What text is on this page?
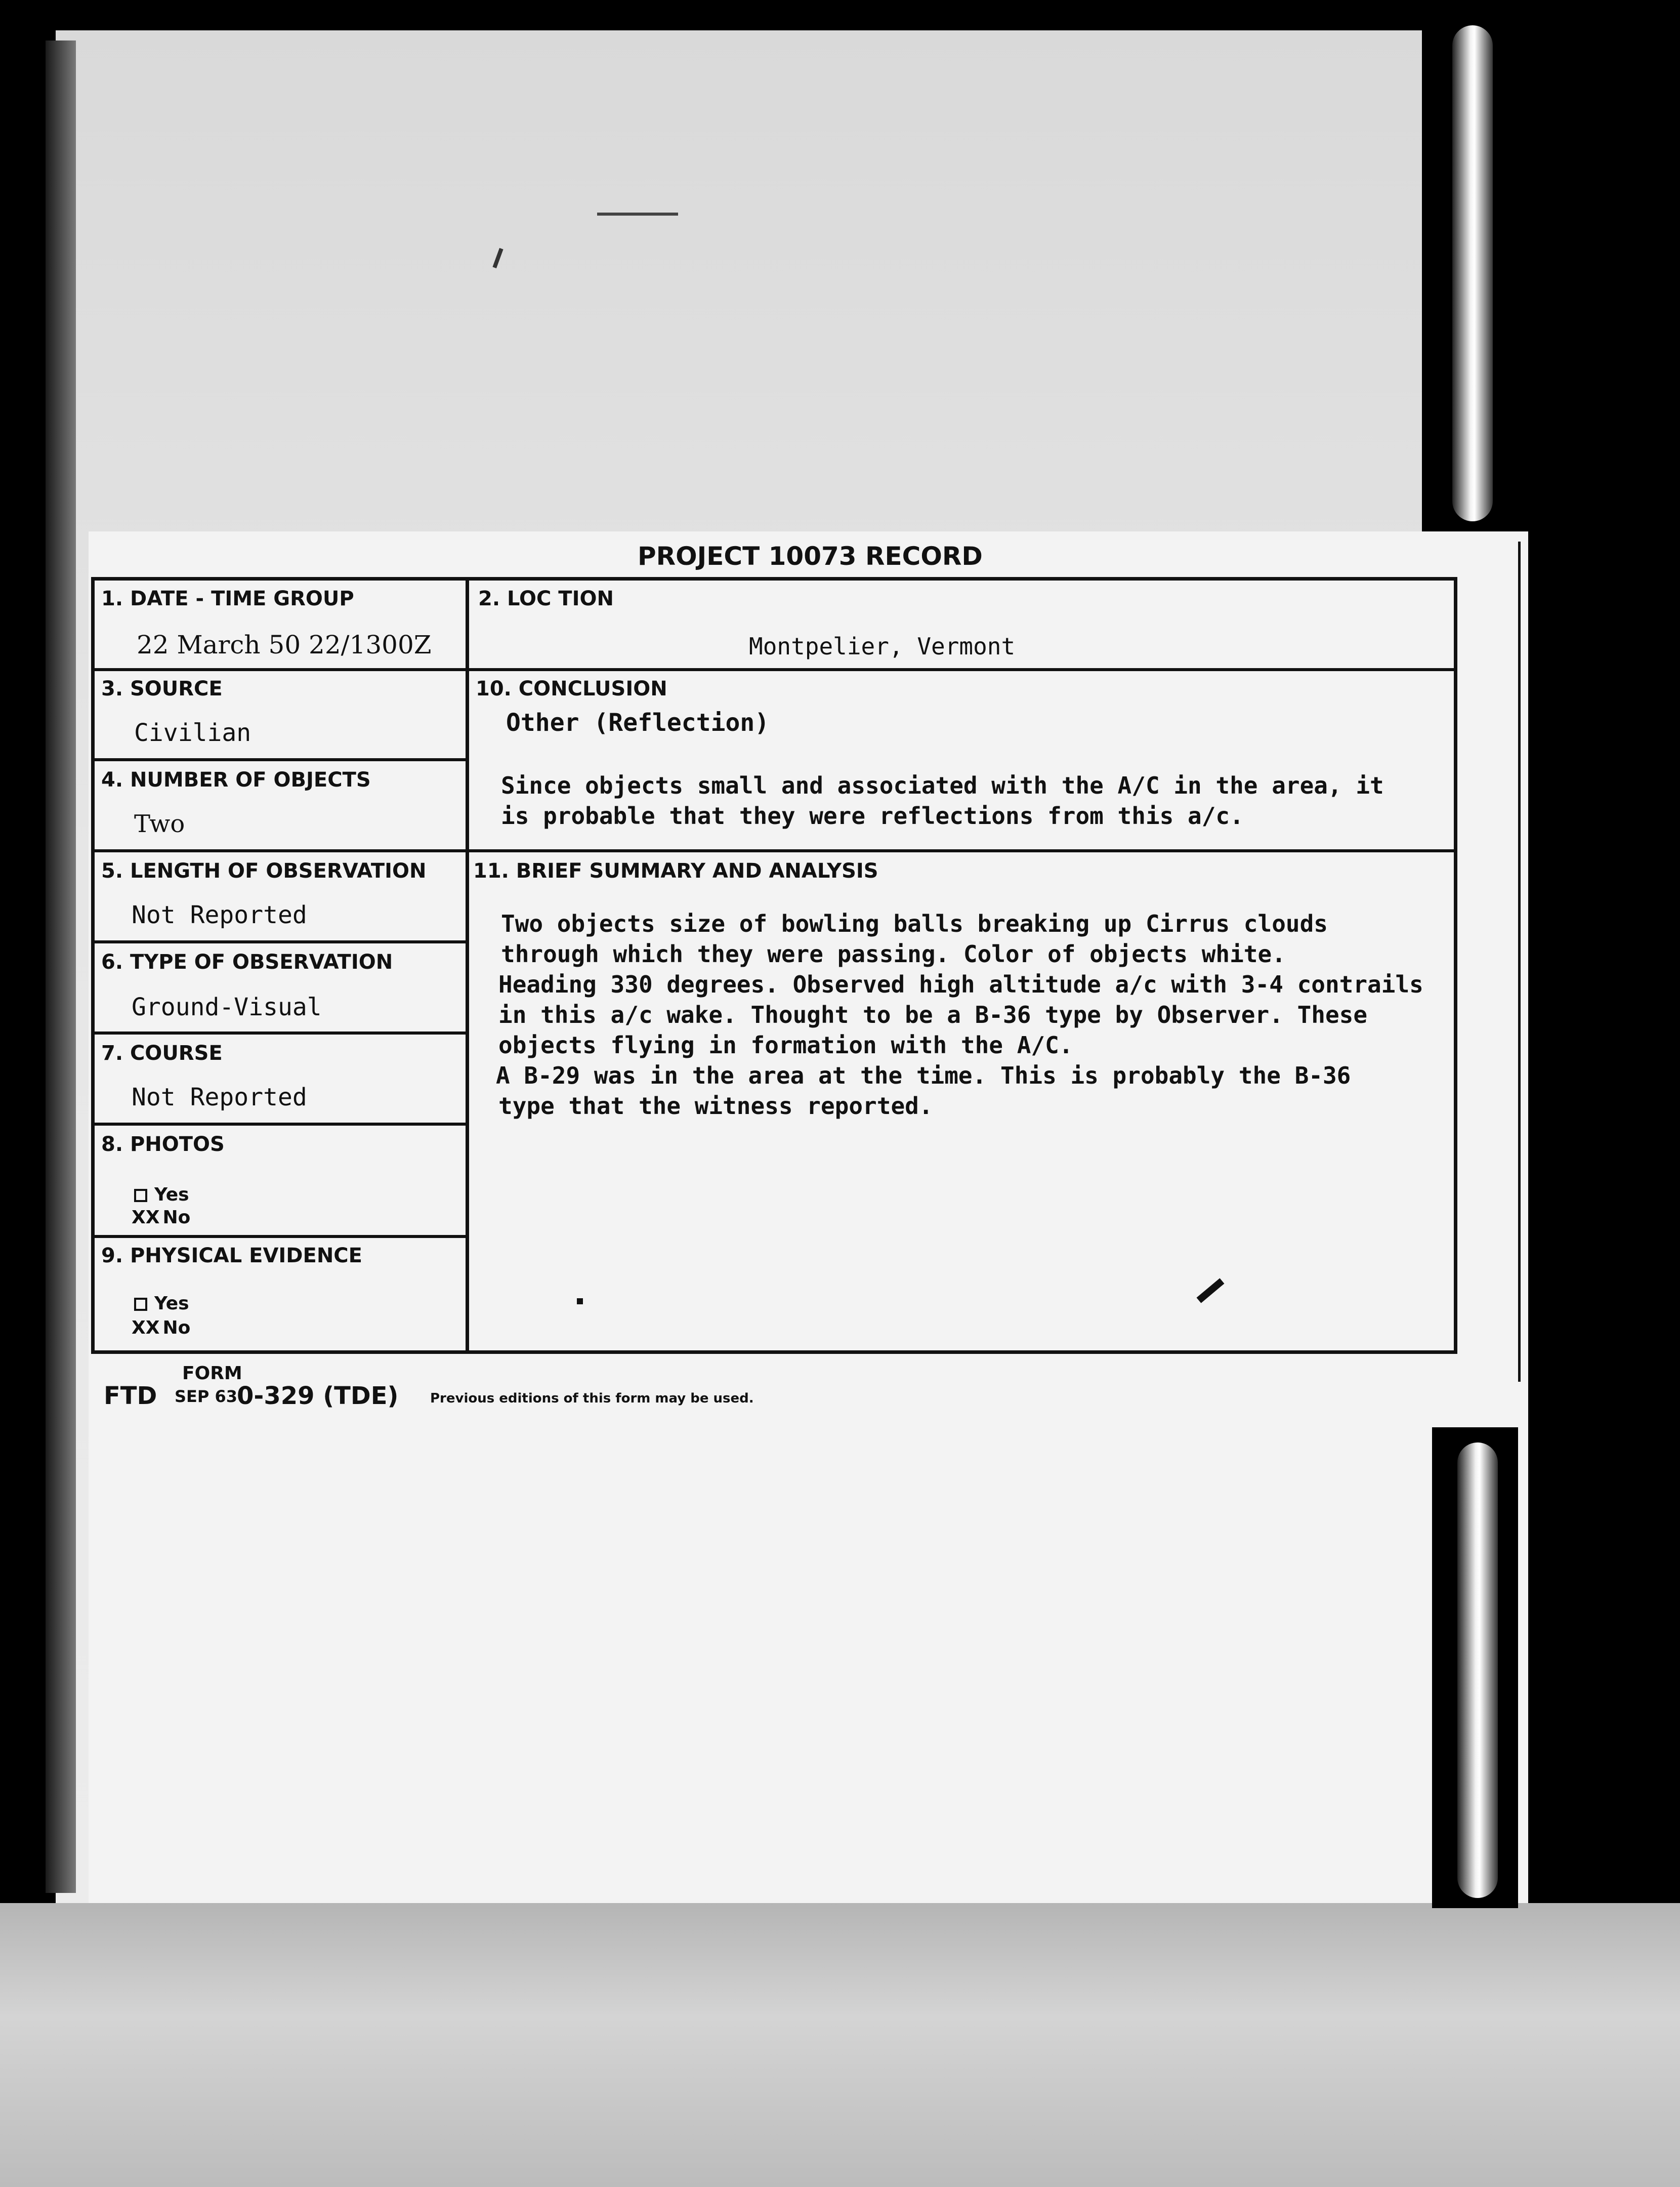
PROJECT 10073 RECORD
1. DATE - TIME GROUP
22 March 50 22/1300Z
2. LOC TION
Montpelier, Vermont
3. SOURCE
Civilian
4. NUMBER OF OBJECTS
Two
5. LENGTH OF OBSERVATION
Not Reported
6. TYPE OF OBSERVATION
Ground-Visual
7. COURSE
Not Reported
8. PHOTOS
Yes
XX No
9. PHYSICAL EVIDENCE
Yes
XX No
10. CONCLUSION
Other (Reflection)
Since objects small and associated with the A/C in the area, it
is probable that they were reflections from this a/c.
11. BRIEF SUMMARY AND ANALYSIS
Two objects size of bowling balls breaking up Cirrus clouds
through which they were passing. Color of objects white.
Heading 330 degrees. Observed high altitude a/c with 3-4 contrails
in this a/c wake. Thought to be a B-36 type by Observer. These
objects flying in formation with the A/C.
A B-29 was in the area at the time. This is probably the B-36
type that the witness reported.
FORM
FTD SEP 63
0-329 (TDE) Previous editions of this form may be used.
